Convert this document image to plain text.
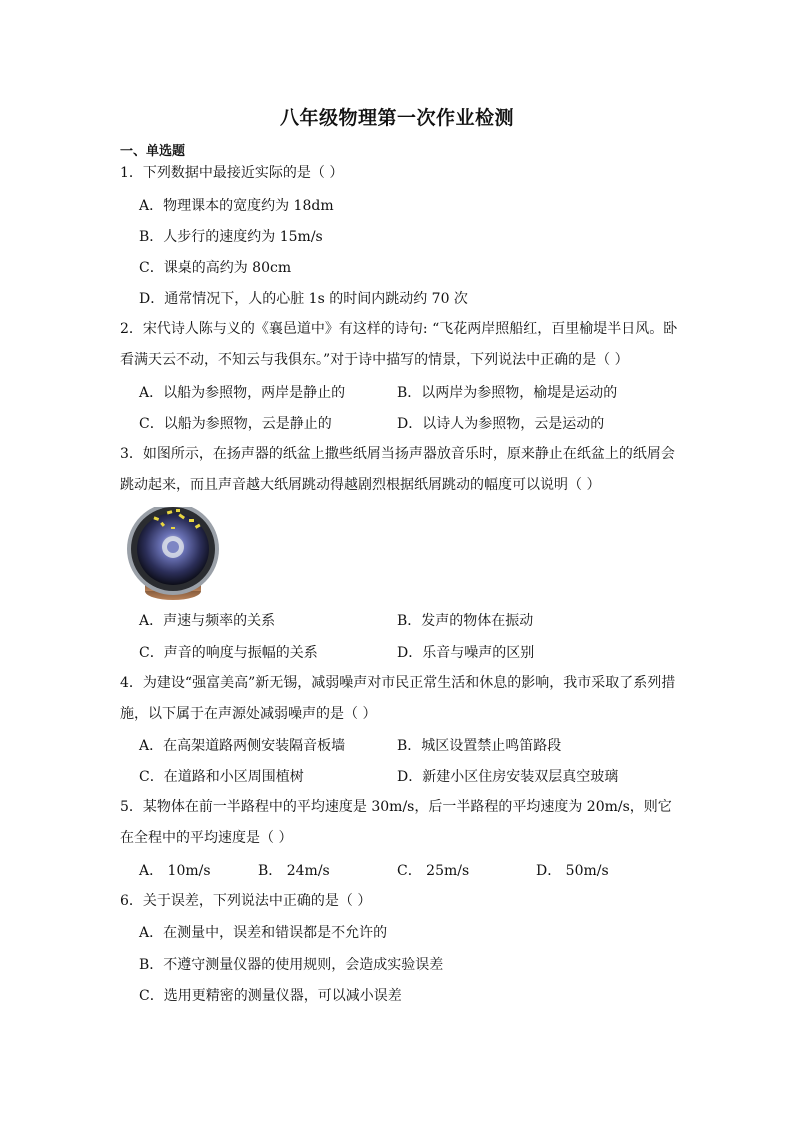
八年级物理第一次作业检测
一、单选题
1．下列数据中最接近实际的是（ ）
A．物理课本的宽度约为 18dm
B．人步行的速度约为 15m/s
C．课桌的高约为 80cm
D．通常情况下，人的心脏 1s 的时间内跳动约 70 次
2．宋代诗人陈与义的《襄邑道中》有这样的诗句: “飞花两岸照船红，百里榆堤半日风。卧看满天云不动，不知云与我俱东。”对于诗中描写的情景，下列说法中正确的是（ ）
A．以船为参照物，两岸是静止的	B．以两岸为参照物，榆堤是运动的
C．以船为参照物，云是静止的	D．以诗人为参照物，云是运动的
3．如图所示，在扬声器的纸盆上撒些纸屑当扬声器放音乐时，原来静止在纸盆上的纸屑会跳动起来，而且声音越大纸屑跳动得越剧烈根据纸屑跳动的幅度可以说明（ ）
A．声速与频率的关系	B．发声的物体在振动
C．声音的响度与振幅的关系	D．乐音与噪声的区别
4．为建设“强富美高”新无锡，减弱噪声对市民正常生活和休息的影响，我市采取了系列措施，以下属于在声源处减弱噪声的是（ ）
A．在高架道路两侧安装隔音板墙	B．城区设置禁止鸣笛路段
C．在道路和小区周围植树	D．新建小区住房安装双层真空玻璃
5．某物体在前一半路程中的平均速度是 30m/s，后一半路程的平均速度为 20m/s，则它在全程中的平均速度是（ ）
A． 10m/s	B． 24m/s	C． 25m/s	D． 50m/s
6．关于误差，下列说法中正确的是（ ）
A．在测量中，误差和错误都是不允许的
B．不遵守测量仪器的使用规则，会造成实验误差
C．选用更精密的测量仪器，可以减小误差
